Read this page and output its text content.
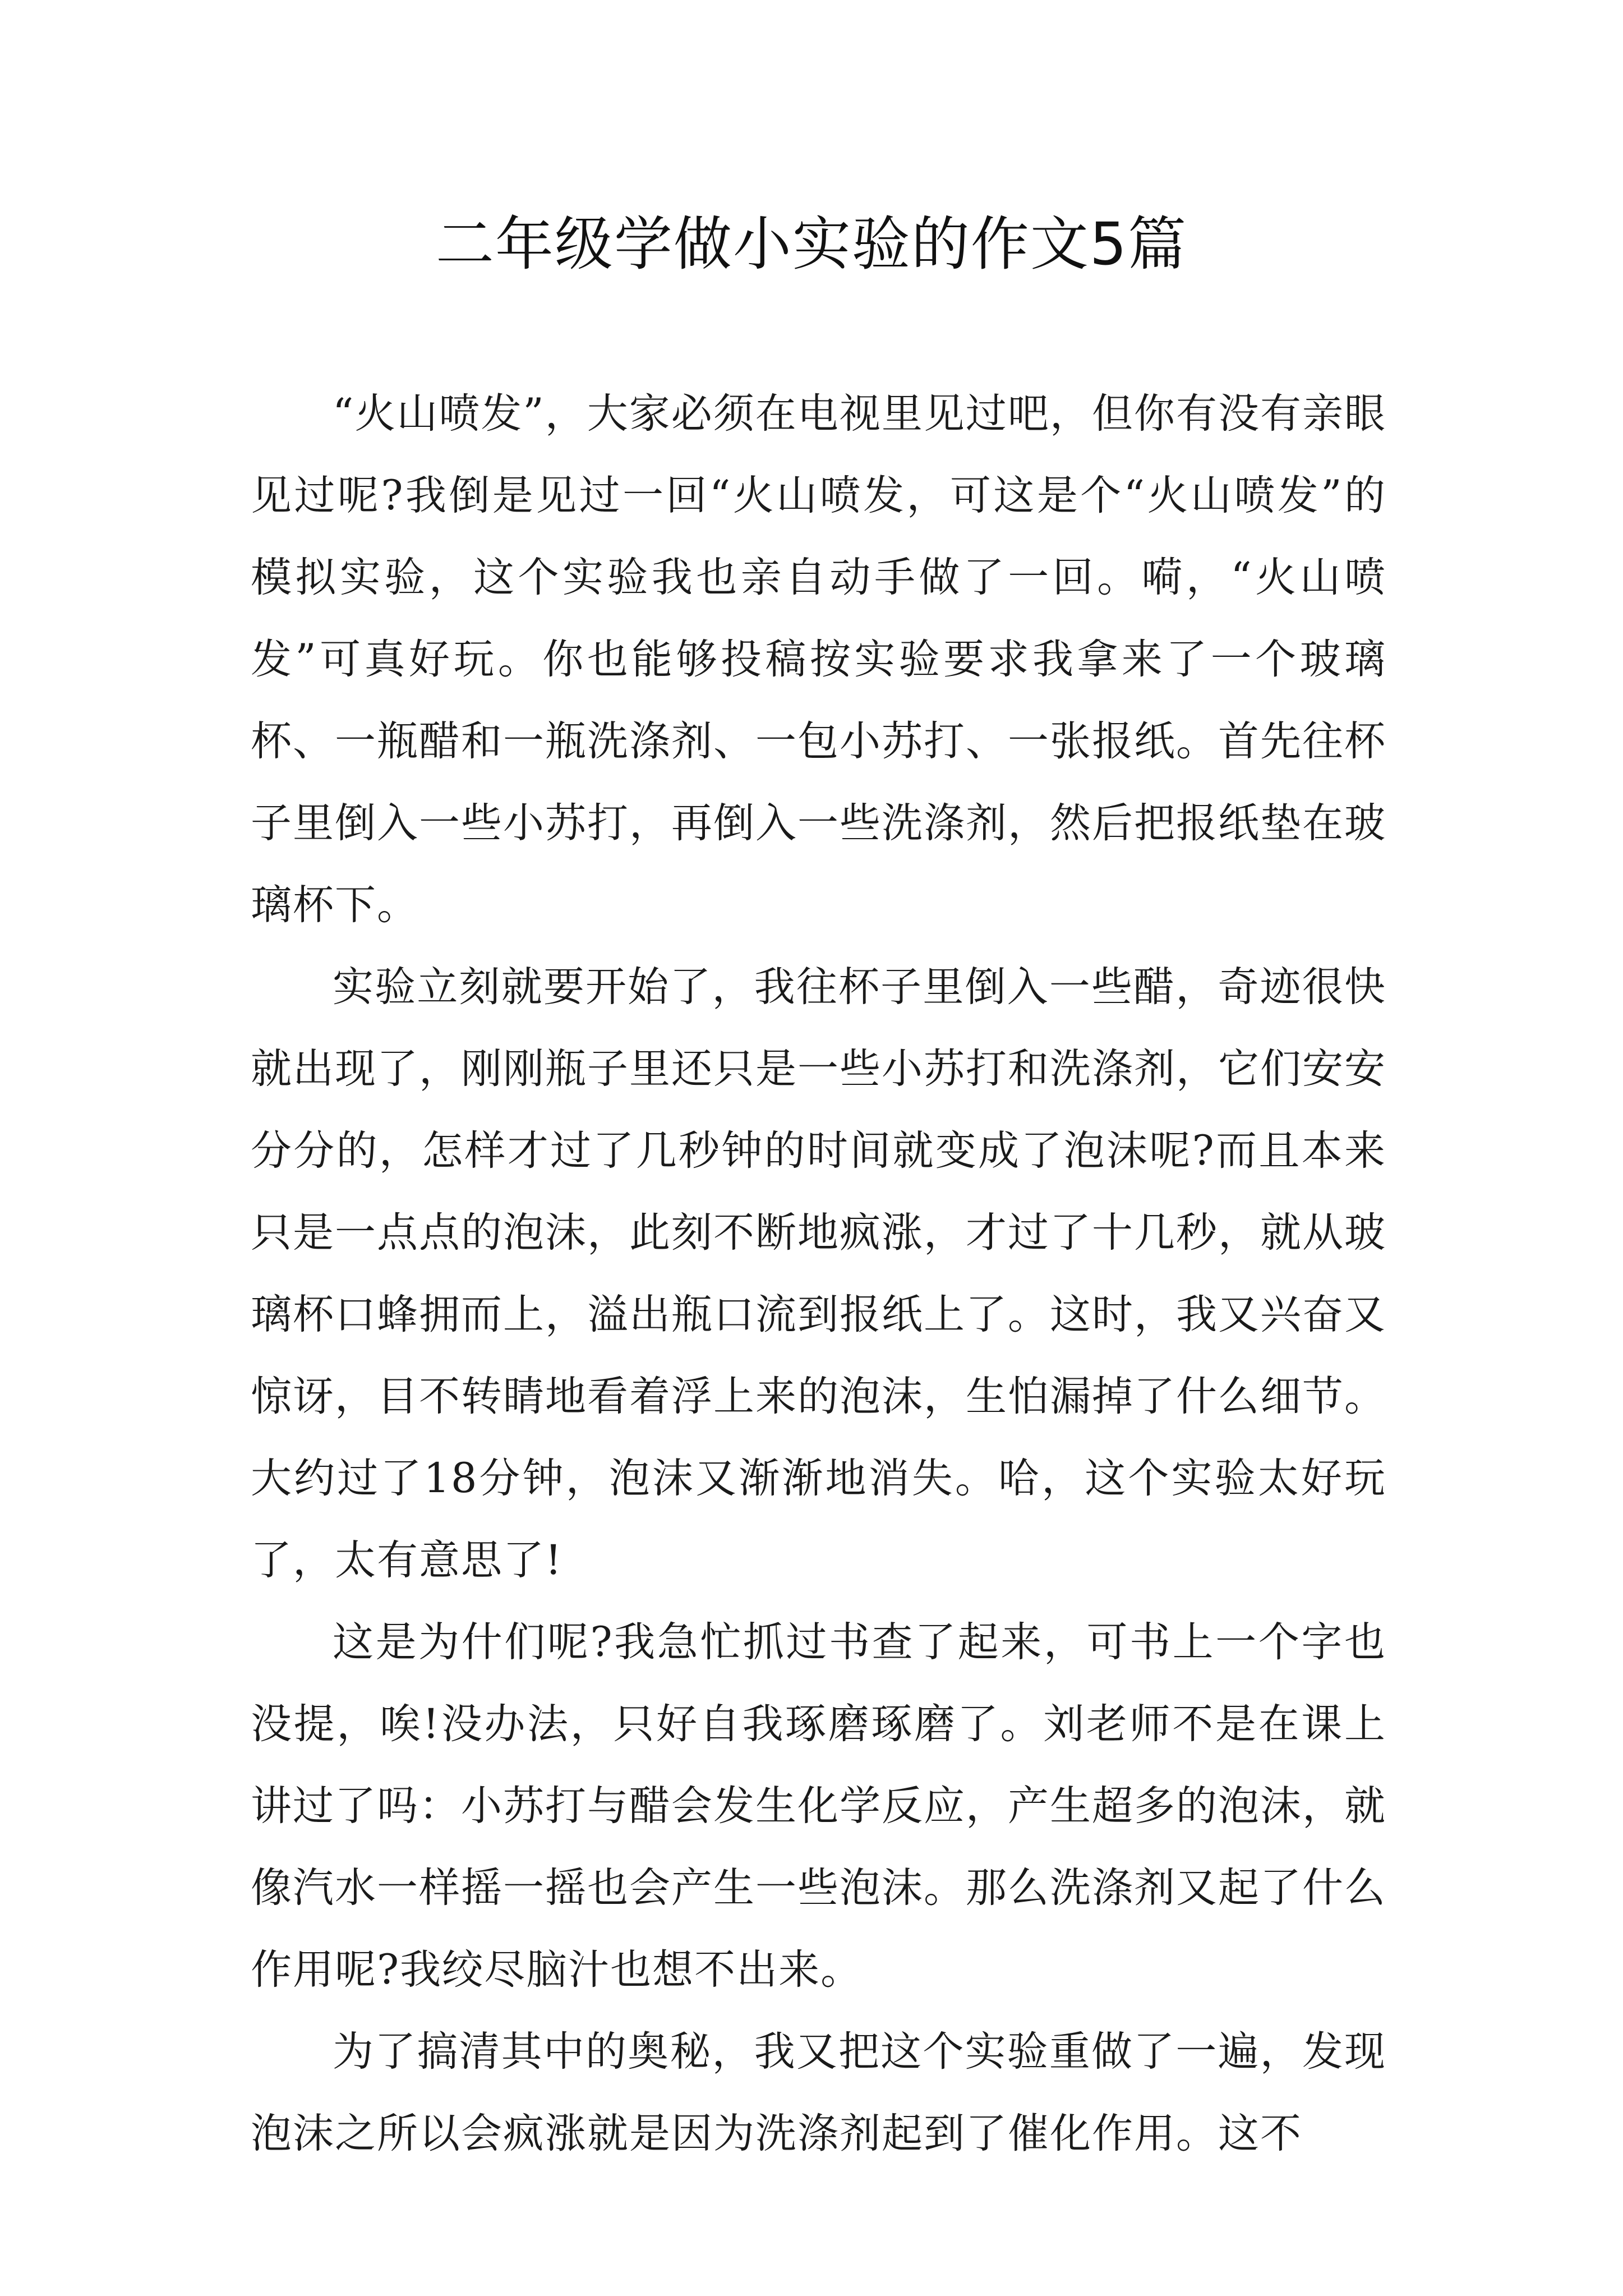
二年级学做小实验的作文5篇

“火山喷发”，大家必须在电视里见过吧，但你有没有亲眼见过呢?我倒是见过一回“火山喷发，可这是个“火山喷发”的模拟实验，这个实验我也亲自动手做了一回。嗬，“火山喷发”可真好玩。你也能够投稿按实验要求我拿来了一个玻璃杯、一瓶醋和一瓶洗涤剂、一包小苏打、一张报纸。首先往杯子里倒入一些小苏打，再倒入一些洗涤剂，然后把报纸垫在玻璃杯下。

实验立刻就要开始了，我往杯子里倒入一些醋，奇迹很快就出现了，刚刚瓶子里还只是一些小苏打和洗涤剂，它们安安分分的，怎样才过了几秒钟的时间就变成了泡沫呢?而且本来只是一点点的泡沫，此刻不断地疯涨，才过了十几秒，就从玻璃杯口蜂拥而上，溢出瓶口流到报纸上了。这时，我又兴奋又惊讶，目不转睛地看着浮上来的泡沫，生怕漏掉了什么细节。大约过了18分钟，泡沫又渐渐地消失。哈，这个实验太好玩了，太有意思了!

这是为什们呢?我急忙抓过书查了起来，可书上一个字也没提，唉!没办法，只好自我琢磨琢磨了。刘老师不是在课上讲过了吗：小苏打与醋会发生化学反应，产生超多的泡沫，就像汽水一样摇一摇也会产生一些泡沫。那么洗涤剂又起了什么作用呢?我绞尽脑汁也想不出来。

为了搞清其中的奥秘，我又把这个实验重做了一遍，发现泡沫之所以会疯涨就是因为洗涤剂起到了催化作用。这不
